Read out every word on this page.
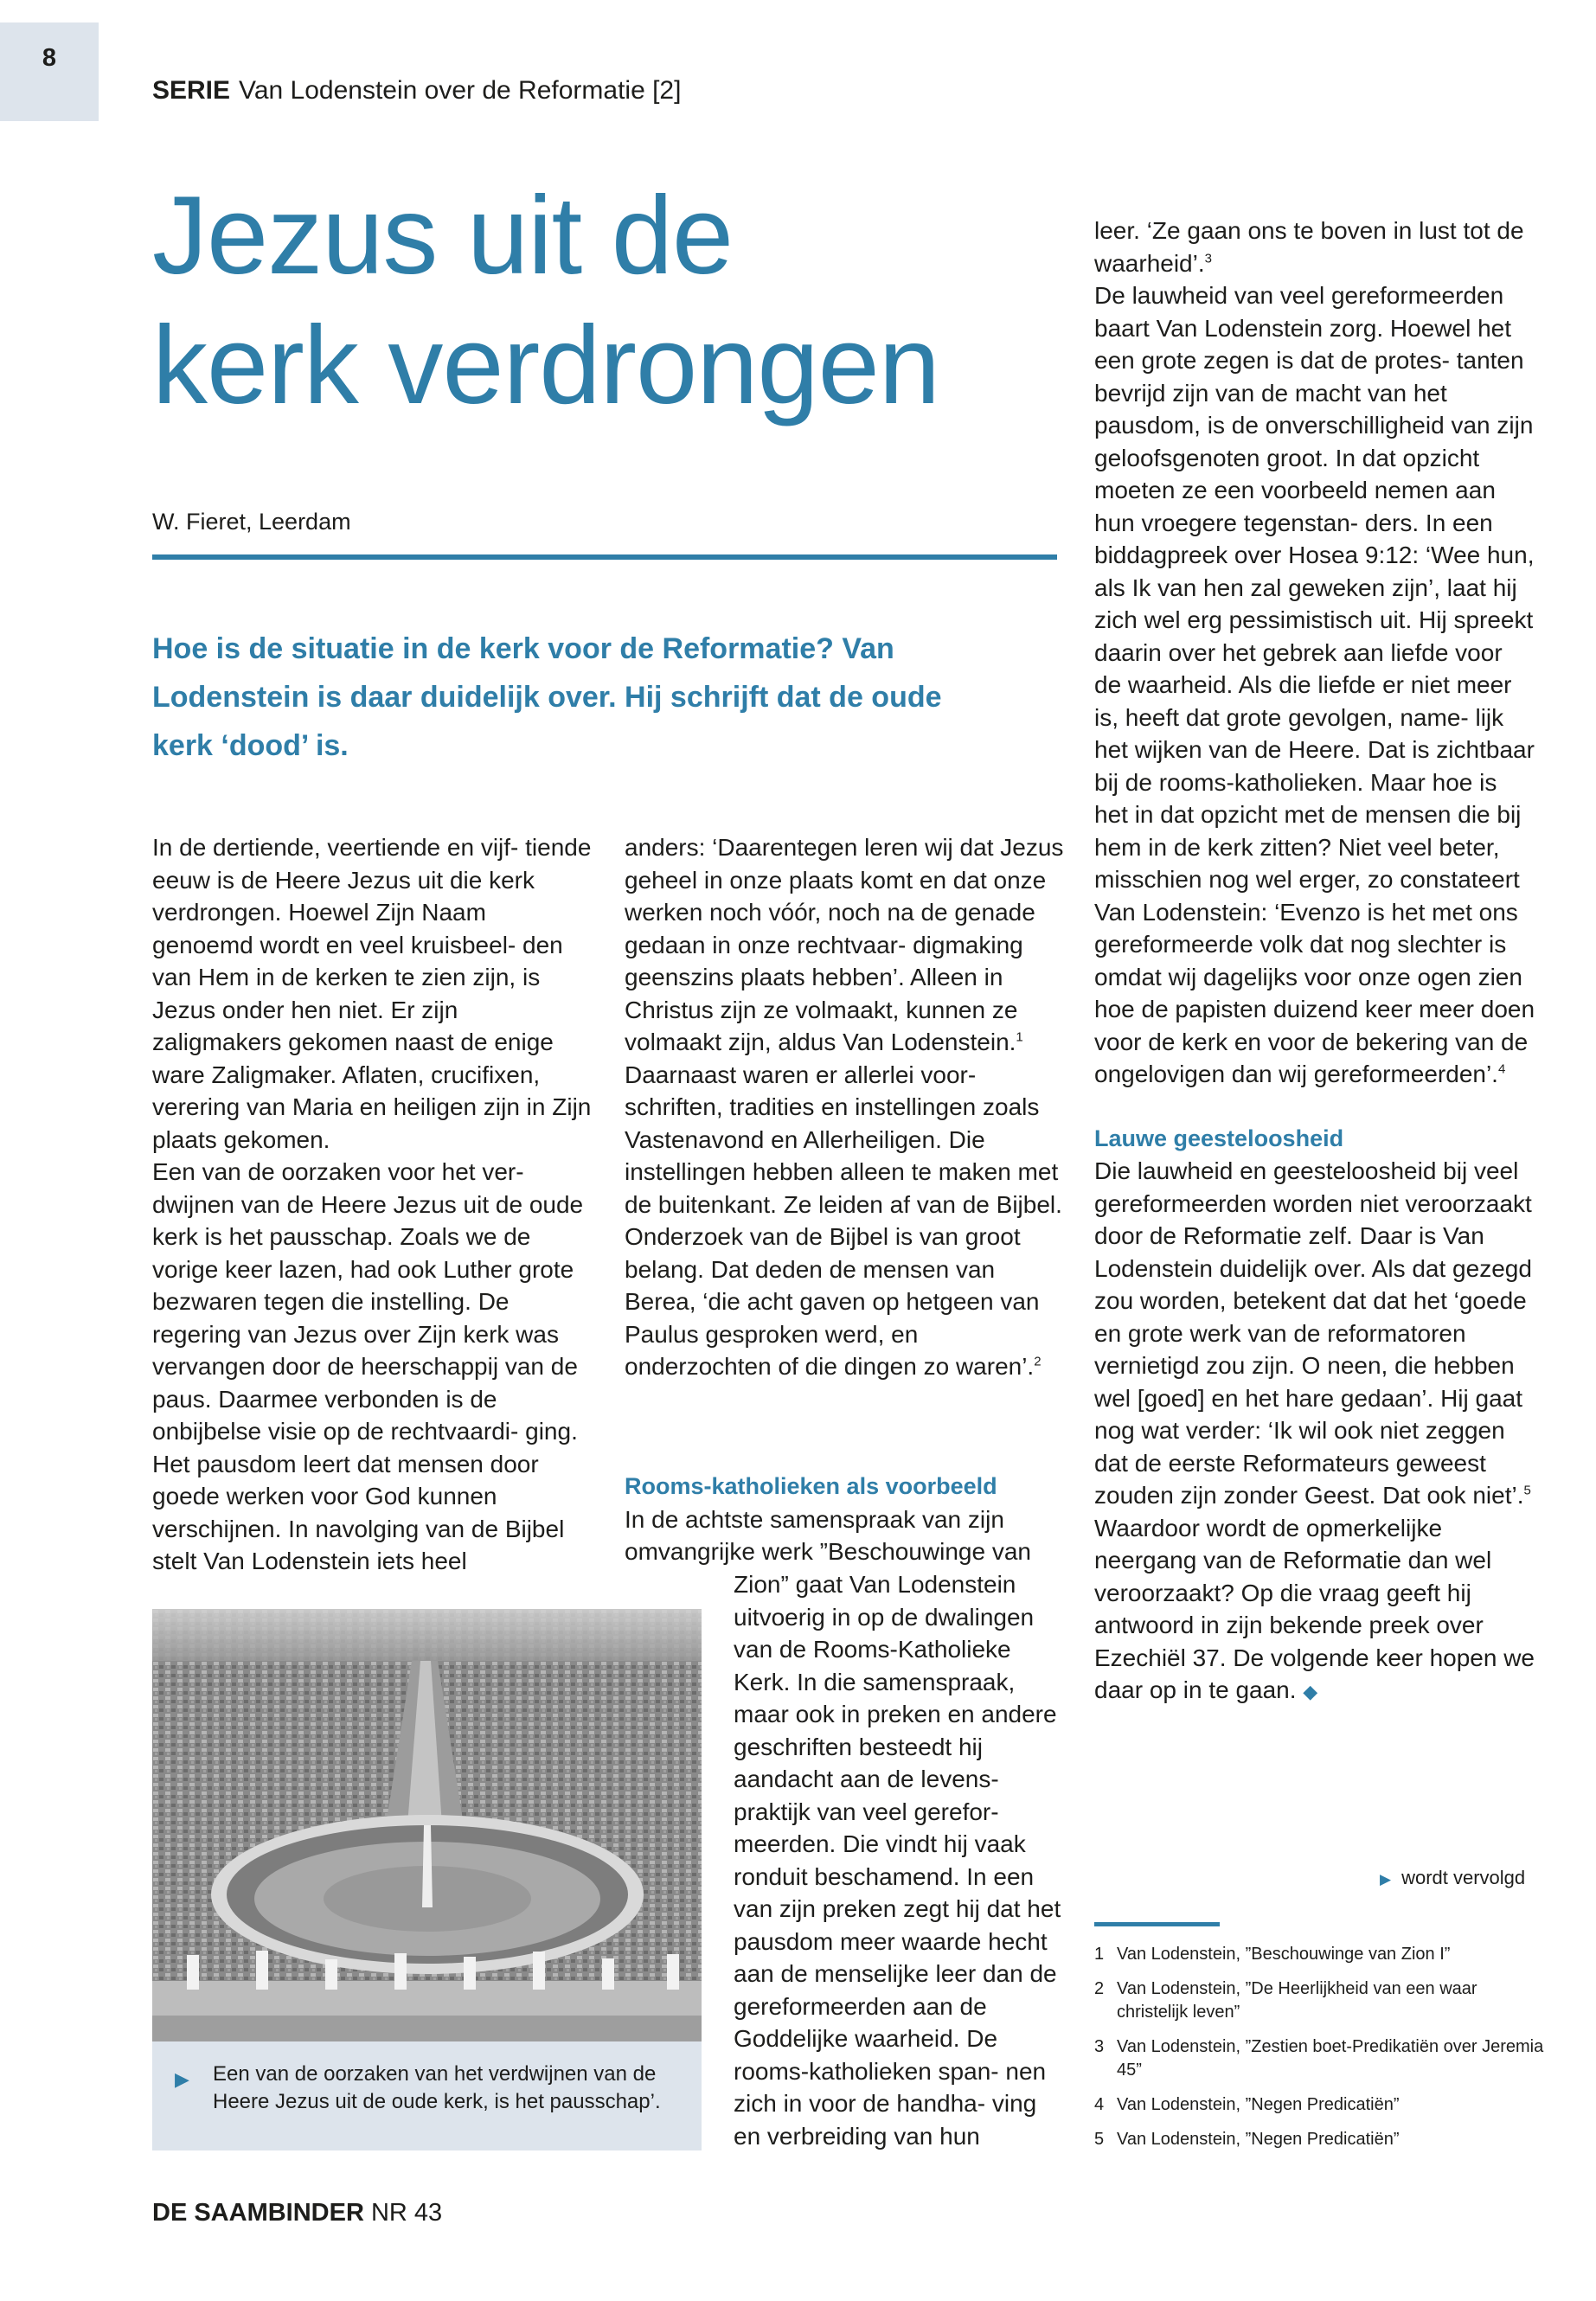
8
SERIE Van Lodenstein over de Reformatie [2]
Jezus uit de
kerk verdrongen
W. Fieret, Leerdam

Hoe is de situatie in de kerk voor de Reformatie? Van Lodenstein is daar duidelijk over. Hij schrijft dat de oude kerk ‘dood’ is.

In de dertiende, veertiende en vijf- tiende eeuw is de Heere Jezus uit die kerk verdrongen. Hoewel Zijn Naam genoemd wordt en veel kruisbeel- den van Hem in de kerken te zien zijn, is Jezus onder hen niet. Er zijn zaligmakers gekomen naast de enige ware Zaligmaker. Aflaten, crucifixen, verering van Maria en heiligen zijn in Zijn plaats gekomen.

Een van de oorzaken voor het ver- dwijnen van de Heere Jezus uit de oude kerk is het pausschap. Zoals we de vorige keer lazen, had ook Luther grote bezwaren tegen die instelling. De regering van Jezus over Zijn kerk was vervangen door de heerschappij van de paus. Daarmee verbonden is de onbijbelse visie op de rechtvaardi- ging. Het pausdom leert dat mensen door goede werken voor God kunnen verschijnen. In navolging van de Bijbel stelt Van Lodenstein iets heel

anders: ‘Daarentegen leren wij dat Jezus geheel in onze plaats komt en dat onze werken noch vóór, noch na de genade gedaan in onze rechtvaar- digmaking geenszins plaats hebben’. Alleen in Christus zijn ze volmaakt, kunnen ze volmaakt zijn, aldus Van Lodenstein.$^1$

Daarnaast waren er allerlei voor- schriften, tradities en instellingen zoals Vastenavond en Allerheiligen. Die instellingen hebben alleen te maken met de buitenkant. Ze leiden af van de Bijbel. Onderzoek van de Bijbel is van groot belang. Dat deden de mensen van Berea, ‘die acht gaven op hetgeen van Paulus gesproken werd, en onderzochten of die dingen zo waren’.$^2$

Rooms-katholieken als voorbeeld

In de achtste samenspraak van zijn omvangrijke werk ”Beschouwinge van

Zion” gaat Van Lodenstein uitvoerig in op de dwalingen van de Rooms-Katholieke Kerk. In die samenspraak, maar ook in preken en andere geschriften besteedt hij aandacht aan de levens- praktijk van veel gerefor- meerden. Die vindt hij vaak ronduit beschamend. In een van zijn preken zegt hij dat het pausdom meer waarde hecht aan de menselijke leer dan de gereformeerden aan de Goddelijke waarheid. De rooms-katholieken span- nen zich in voor de handha- ving en verbreiding van hun

▶ Een van de oorzaken van het verdwijnen van de Heere Jezus uit de oude kerk, is het pausschap’.

leer. ‘Ze gaan ons te boven in lust tot de waarheid’.$^3$

De lauwheid van veel gereformeerden baart Van Lodenstein zorg. Hoewel het een grote zegen is dat de protes- tanten bevrijd zijn van de macht van het pausdom, is de onverschilligheid van zijn geloofsgenoten groot. In dat opzicht moeten ze een voorbeeld nemen aan hun vroegere tegenstan- ders. In een biddagpreek over Hosea 9:12: ‘Wee hun, als Ik van hen zal geweken zijn’, laat hij zich wel erg pessimistisch uit. Hij spreekt daarin over het gebrek aan liefde voor de waarheid. Als die liefde er niet meer is, heeft dat grote gevolgen, name- lijk het wijken van de Heere. Dat is zichtbaar bij de rooms-katholieken. Maar hoe is het in dat opzicht met de mensen die bij hem in de kerk zitten? Niet veel beter, misschien nog wel erger, zo constateert Van Lodenstein: ‘Evenzo is het met ons gereformeerde volk dat nog slechter is omdat wij dagelijks voor onze ogen zien hoe de papisten duizend keer meer doen voor de kerk en voor de bekering van de ongelovigen dan wij gereformeerden’.$^4$

Lauwe geesteloosheid

Die lauwheid en geesteloosheid bij veel gereformeerden worden niet veroorzaakt door de Reformatie zelf. Daar is Van Lodenstein duidelijk over. Als dat gezegd zou worden, betekent dat dat het ‘goede en grote werk van de reformatoren vernietigd zou zijn. O neen, die hebben wel [goed] en het hare gedaan’. Hij gaat nog wat verder: ‘Ik wil ook niet zeggen dat de eerste Reformateurs geweest zouden zijn zonder Geest. Dat ook niet’.$^5$

Waardoor wordt de opmerkelijke neergang van de Reformatie dan wel veroorzaakt? Op die vraag geeft hij antwoord in zijn bekende preek over Ezechiël 37. De volgende keer hopen we daar op in te gaan. ◆

▶ wordt vervolgd
1 Van Lodenstein, ”Beschouwinge van Zion I”
2 Van Lodenstein, ”De Heerlijkheid van een waar christelijk leven”
3 Van Lodenstein, ”Zestien boet-Predikatiën over Jeremia 45”
4 Van Lodenstein, ”Negen Predicatiën”
5 Van Lodenstein, ”Negen Predicatiën”
DE SAAMBINDER NR 43
